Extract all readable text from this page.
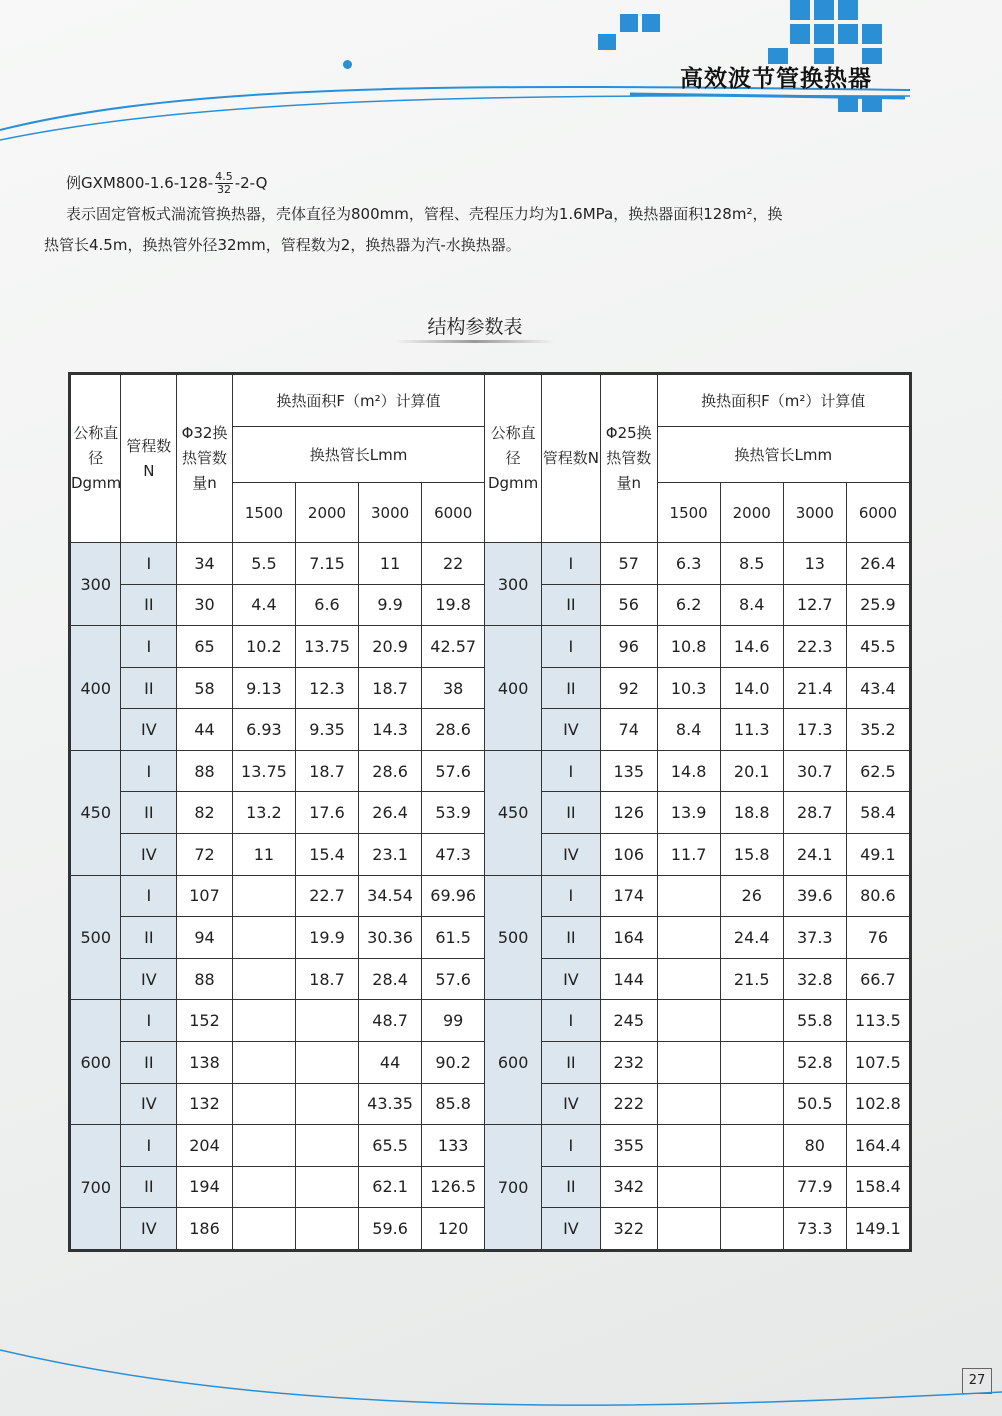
高效波节管换热器
例$GXM800-1.6-128- \frac{4.5}{32} -2-Q$
表示固定管板式湍流管换热器，壳体直径为800mm，管程、壳程压力均为1.6MPa，换热器面积128m²，换
热管长4.5m，换热管外径32mm，管程数为2，换热器为汽-水换热器。
结构参数表
公称直径Dgmm	管程数N	Φ32换热管数量n	换热面积F（m²）计算值				公称直径Dgmm	管程数N	Φ25换热管数量n	换热面积F（m²）计算值			
			换热管长Lmm							换热管长Lmm			
			1500	2000	3000	6000				1500	2000	3000	6000
300	I	34	5.5	7.15	11	22	300	I	57	6.3	8.5	13	26.4
	II	30	4.4	6.6	9.9	19.8		II	56	6.2	8.4	12.7	25.9
400	I	65	10.2	13.75	20.9	42.57	400	I	96	10.8	14.6	22.3	45.5
	II	58	9.13	12.3	18.7	38		II	92	10.3	14.0	21.4	43.4
	IV	44	6.93	9.35	14.3	28.6		IV	74	8.4	11.3	17.3	35.2
450	I	88	13.75	18.7	28.6	57.6	450	I	135	14.8	20.1	30.7	62.5
	II	82	13.2	17.6	26.4	53.9		II	126	13.9	18.8	28.7	58.4
	IV	72	11	15.4	23.1	47.3		IV	106	11.7	15.8	24.1	49.1
500	I	107		22.7	34.54	69.96	500	I	174		26	39.6	80.6
	II	94		19.9	30.36	61.5		II	164		24.4	37.3	76
	IV	88		18.7	28.4	57.6		IV	144		21.5	32.8	66.7
600	I	152			48.7	99	600	I	245			55.8	113.5
	II	138			44	90.2		II	232			52.8	107.5
	IV	132			43.35	85.8		IV	222			50.5	102.8
700	I	204			65.5	133	700	I	355			80	164.4
	II	194			62.1	126.5		II	342			77.9	158.4
	IV	186			59.6	120		IV	322			73.3	149.1
27
